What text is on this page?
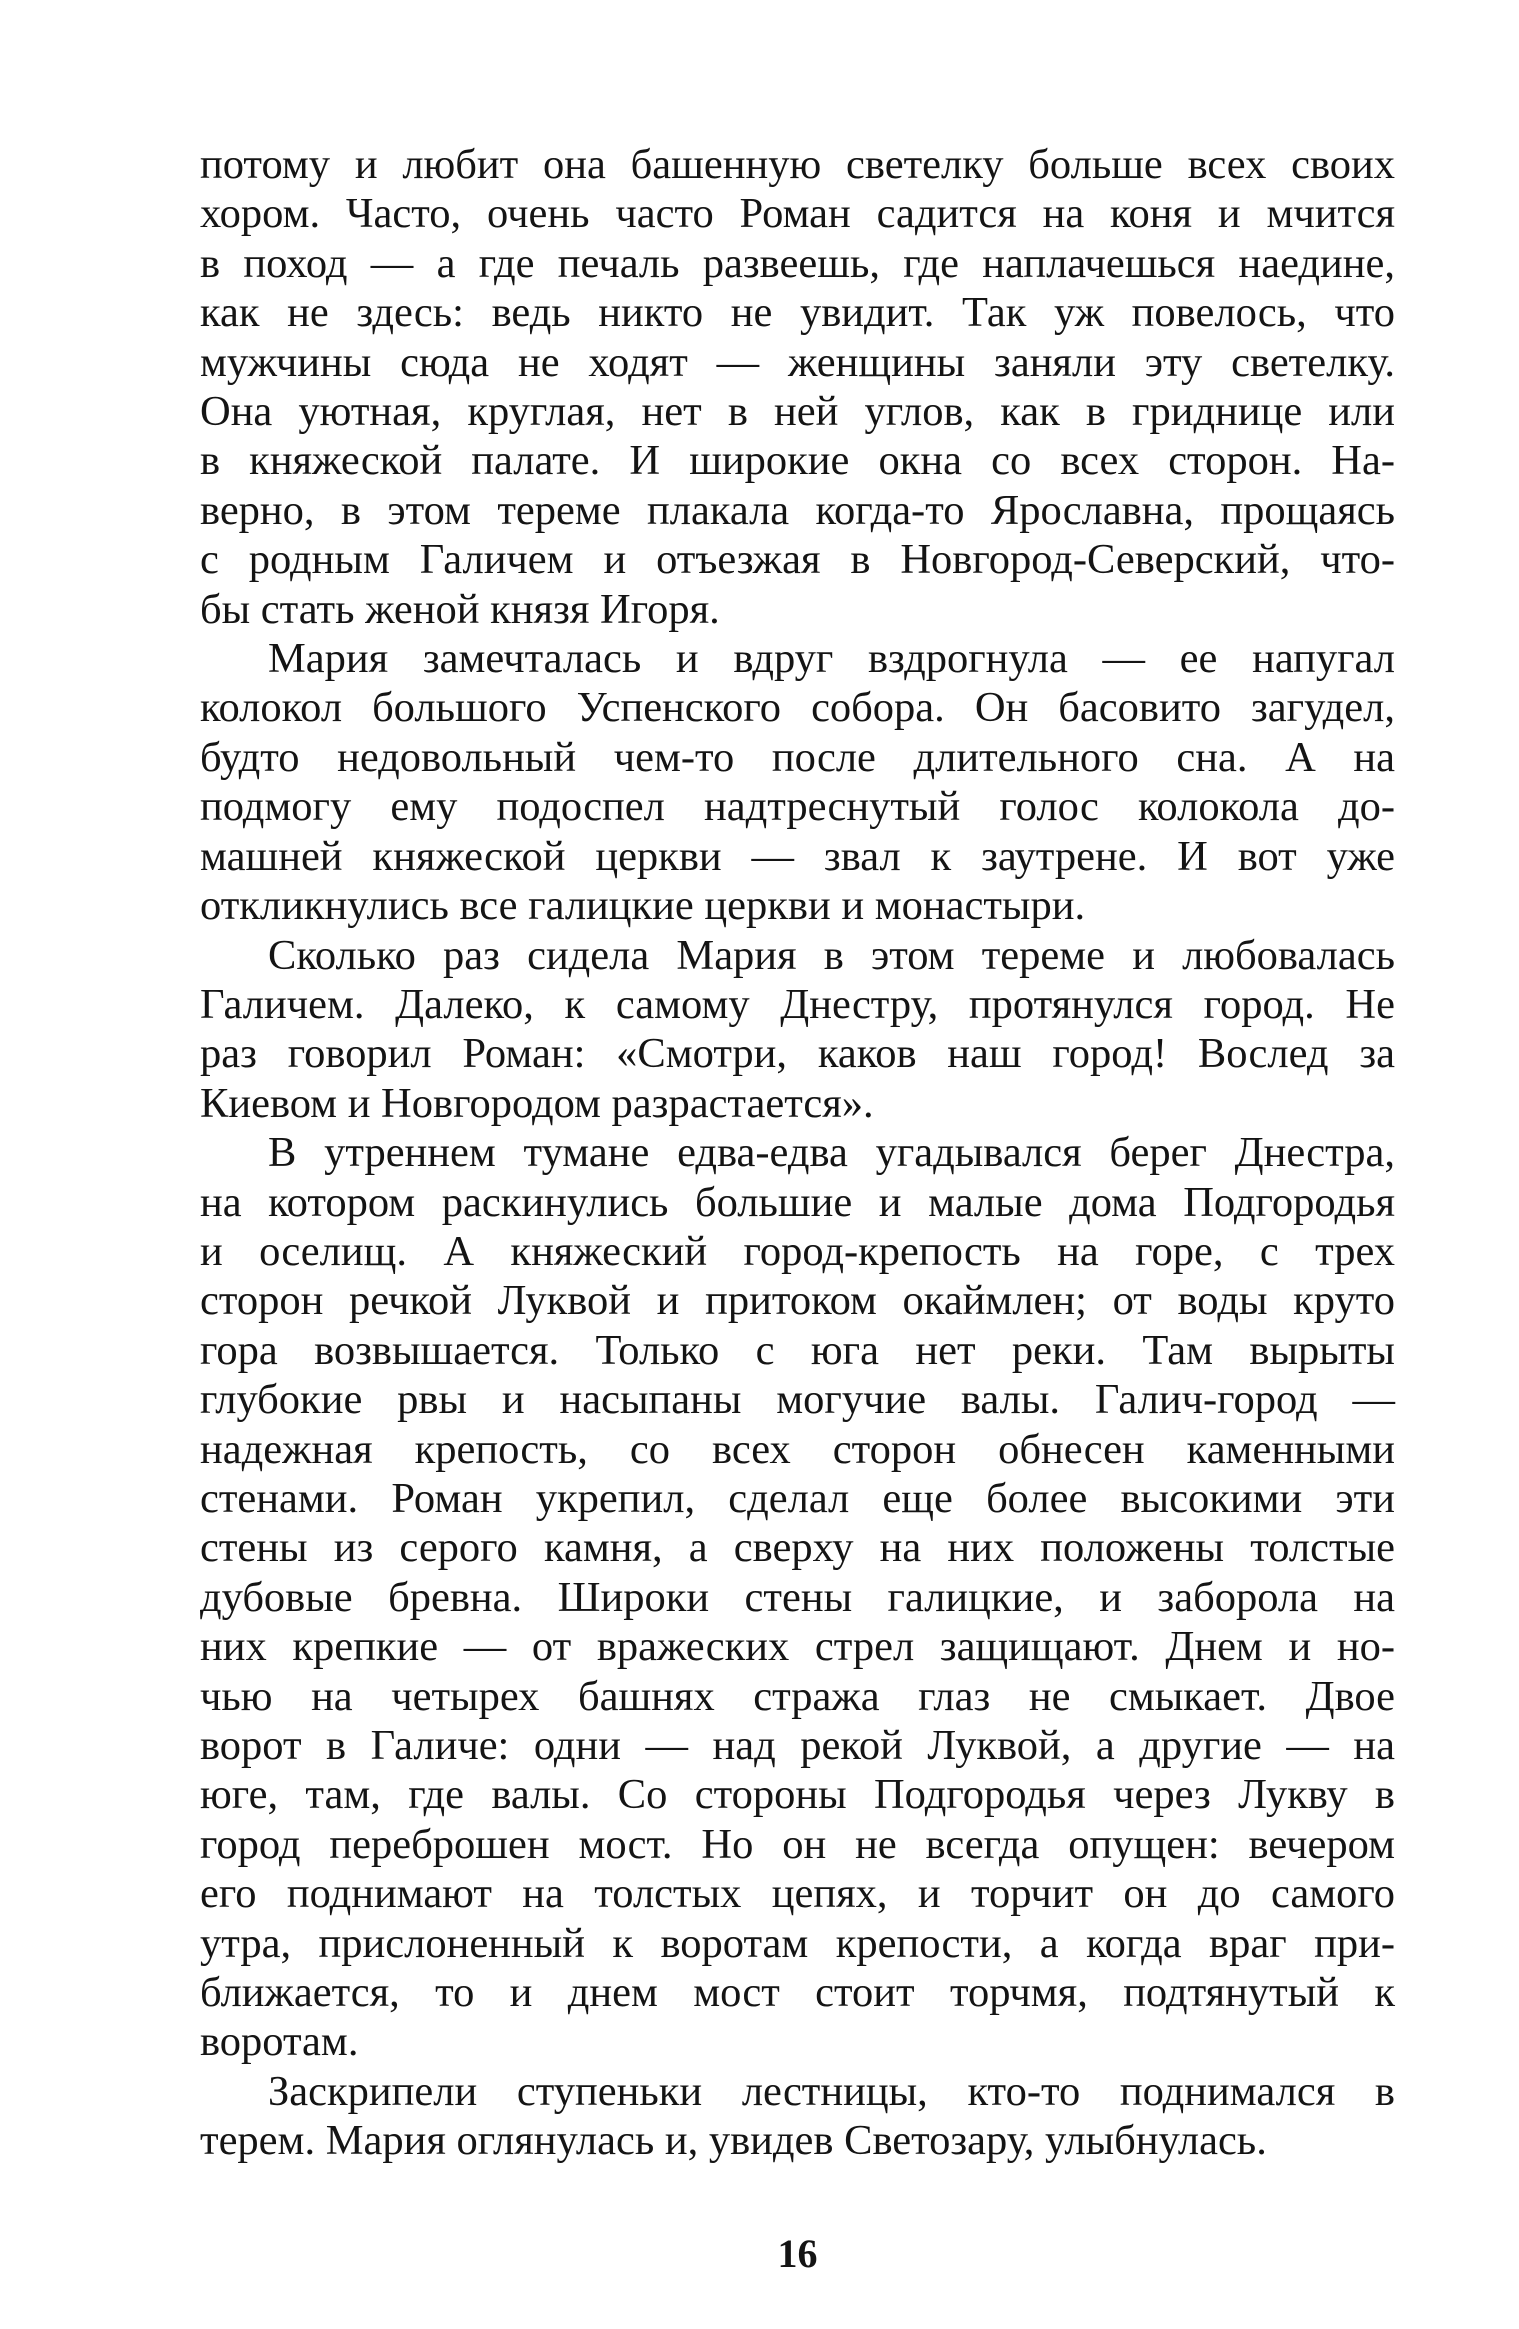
потому и любит она башенную светелку больше всех своих
хором. Часто, очень часто Роман садится на коня и мчится
в поход — а где печаль развеешь, где наплачешься наедине,
как не здесь: ведь никто не увидит. Так уж повелось, что
мужчины сюда не ходят — женщины заняли эту светелку.
Она уютная, круглая, нет в ней углов, как в гриднице или
в княжеской палате. И широкие окна со всех сторон. На-
верно, в этом тереме плакала когда-то Ярославна, прощаясь
с родным Галичем и отъезжая в Новгород-Северский, что-
бы стать женой князя Игоря.
Мария замечталась и вдруг вздрогнула — ее напугал
колокол большого Успенского собора. Он басовито загудел,
будто недовольный чем-то после длительного сна. А на
подмогу ему подоспел надтреснутый голос колокола до-
машней княжеской церкви — звал к заутрене. И вот уже
откликнулись все галицкие церкви и монастыри.
Сколько раз сидела Мария в этом тереме и любовалась
Галичем. Далеко, к самому Днестру, протянулся город. Не
раз говорил Роман: «Смотри, каков наш город! Вослед за
Киевом и Новгородом разрастается».
В утреннем тумане едва-едва угадывался берег Днестра,
на котором раскинулись большие и малые дома Подгородья
и оселищ. А княжеский город-крепость на горе, с трех
сторон речкой Луквой и притоком окаймлен; от воды круто
гора возвышается. Только с юга нет реки. Там вырыты
глубокие рвы и насыпаны могучие валы. Галич-город —
надежная крепость, со всех сторон обнесен каменными
стенами. Роман укрепил, сделал еще более высокими эти
стены из серого камня, а сверху на них положены толстые
дубовые бревна. Широки стены галицкие, и заборола на
них крепкие — от вражеских стрел защищают. Днем и но-
чью на четырех башнях стража глаз не смыкает. Двое
ворот в Галиче: одни — над рекой Луквой, а другие — на
юге, там, где валы. Со стороны Подгородья через Лукву в
город переброшен мост. Но он не всегда опущен: вечером
его поднимают на толстых цепях, и торчит он до самого
утра, прислоненный к воротам крепости, а когда враг при-
ближается, то и днем мост стоит торчмя, подтянутый к
воротам.
Заскрипели ступеньки лестницы, кто-то поднимался в
терем. Мария оглянулась и, увидев Светозару, улыбнулась.
16
